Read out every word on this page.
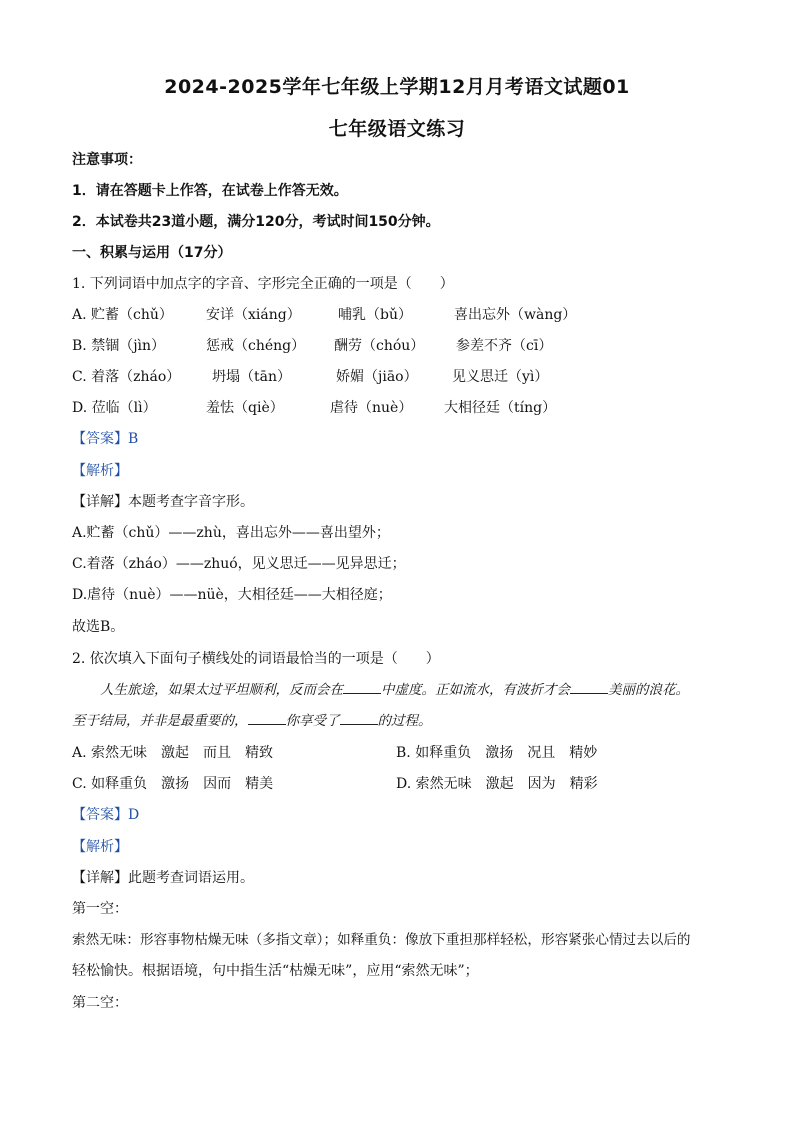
2024-2025学年七年级上学期12月月考语文试题01
七年级语文练习
注意事项：
1．请在答题卡上作答，在试卷上作答无效。
2．本试卷共23道小题，满分120分，考试时间150分钟。
一、积累与运用（17分）
1. 下列词语中加点字的字音、字形完全正确的一项是（　　）
A. 贮蓄（chǔ） 安详（xiáng）	哺乳（bǔ）	喜出忘外（wàng）
B. 禁锢（jìn）	惩戒（chéng） 酬劳（chóu） 参差不齐（cī）
C. 着落（zháo） 坍塌（tān）	娇媚（jiāo） 见义思迁（yì）
D. 莅临（lì）	羞怯（qiè）	虐待（nuè） 大相径廷（tíng）
【答案】B
【解析】
【详解】本题考查字音字形。
A.贮蓄（chǔ）——zhù，喜出忘外——喜出望外；
C.着落（zháo）——zhuó，见义思迁——见异思迁；
D.虐待（nuè）——nüè，大相径廷——大相径庭；
故选B。
2. 依次填入下面句子横线处的词语最恰当的一项是（　　）
人生旅途，如果太过平坦顺利，反而会在	中虚度。正如流水，有波折才会	美丽的浪花。
至于结局，并非是最重要的，	你享受了	的过程。
A. 索然无味　激起　而且　精致	B. 如释重负　激扬　况且　精妙
C. 如释重负　激扬　因而　精美	D. 索然无味　激起　因为　精彩
【答案】D
【解析】
【详解】此题考查词语运用。
第一空：
索然无味：形容事物枯燥无味（多指文章）；如释重负：像放下重担那样轻松，形容紧张心情过去以后的
轻松愉快。根据语境，句中指生活“枯燥无味”，应用“索然无味”；
第二空：
